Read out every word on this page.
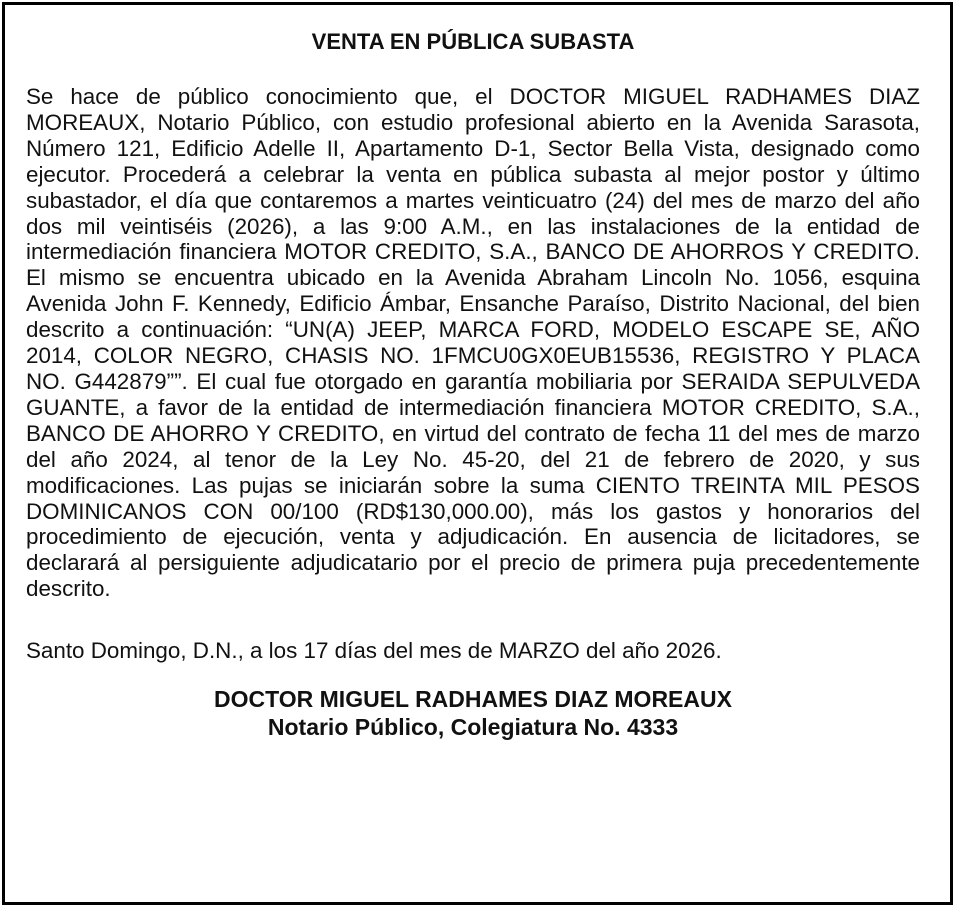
VENTA EN PÚBLICA SUBASTA

Se hace de público conocimiento que, el DOCTOR MIGUEL RADHAMES DIAZ MOREAUX, Notario Público, con estudio profesional abierto en la Avenida Sarasota, Número 121, Edificio Adelle II, Apartamento D-1, Sector Bella Vista, designado como ejecutor. Procederá a celebrar la venta en pública subasta al mejor postor y último subastador, el día que contaremos a martes veinticuatro (24) del mes de marzo del año dos mil veintiséis (2026), a las 9:00 A.M., en las instalaciones de la entidad de intermediación financiera MOTOR CREDITO, S.A., BANCO DE AHORROS Y CREDITO. El mismo se encuentra ubicado en la Avenida Abraham Lincoln No. 1056, esquina Avenida John F. Kennedy, Edificio Ámbar, Ensanche Paraíso, Distrito Nacional, del bien descrito a continuación: “UN(A) JEEP, MARCA FORD, MODELO ESCAPE SE, AÑO 2014, COLOR NEGRO, CHASIS NO. 1FMCU0GX0EUB15536, REGISTRO Y PLACA NO. G442879””. El cual fue otorgado en garantía mobiliaria por SERAIDA SEPULVEDA GUANTE, a favor de la entidad de intermediación financiera MOTOR CREDITO, S.A., BANCO DE AHORRO Y CREDITO, en virtud del contrato de fecha 11 del mes de marzo del año 2024, al tenor de la Ley No. 45-20, del 21 de febrero de 2020, y sus modificaciones. Las pujas se iniciarán sobre la suma CIENTO TREINTA MIL PESOS DOMINICANOS CON 00/100 (RD$130,000.00), más los gastos y honorarios del procedimiento de ejecución, venta y adjudicación. En ausencia de licitadores, se declarará al persiguiente adjudicatario por el precio de primera puja precedentemente descrito.

Santo Domingo, D.N., a los 17 días del mes de MARZO del año 2026.

DOCTOR MIGUEL RADHAMES DIAZ MOREAUX
Notario Público, Colegiatura No. 4333
